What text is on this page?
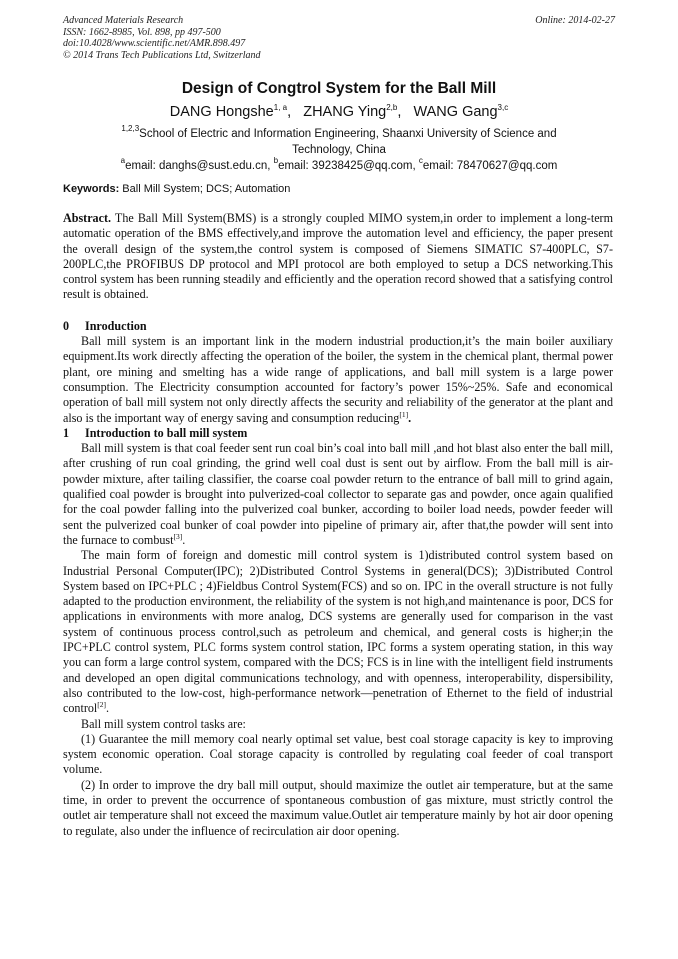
Advanced Materials Research
ISSN: 1662-8985, Vol. 898, pp 497-500
doi:10.4028/www.scientific.net/AMR.898.497
© 2014 Trans Tech Publications Ltd, Switzerland
Online: 2014-02-27
Design of Congtrol System for the Ball Mill
DANG Hongshe$^{1, a}$,   ZHANG Ying$^{2,b}$,   WANG Gang$^{3,c}$
$^{1,2,3}$School of Electric and Information Engineering, Shaanxi University of Science and
Technology, China
$^a$email: danghs@sust.edu.cn, $^b$email: 39238425@qq.com, $^c$email: 78470627@qq.com
Keywords: Ball Mill System; DCS; Automation

Abstract. The Ball Mill System(BMS) is a strongly coupled MIMO system,in order to implement a long-term automatic operation of the BMS effectively,and improve the automation level and efficiency, the paper present the overall design of the system,the control system is composed of Siemens SIMATIC S7-400PLC, S7-200PLC,the PROFIBUS DP protocol and MPI protocol are both employed to setup a DCS networking.This control system has been running steadily and efficiently and the operation record showed that a satisfying control result is obtained.

0 Inroduction

Ball mill system is an important link in the modern industrial production,it’s the main boiler auxiliary equipment.Its work directly affecting the operation of the boiler, the system in the chemical plant, thermal power plant, ore mining and smelting has a wide range of applications, and ball mill system is a large power consumption. The Electricity consumption accounted for factory’s power 15%~25%. Safe and economical operation of ball mill system not only directly affects the security and reliability of the generator at the plant and also is the important way of energy saving and consumption reducing[1].

1 Introduction to ball mill system

Ball mill system is that coal feeder sent run coal bin’s coal into ball mill ,and hot blast also enter the ball mill, after crushing of run coal grinding, the grind well coal dust is sent out by airflow. From the ball mill is air-powder mixture, after tailing classifier, the coarse coal powder return to the entrance of ball mill to grind again, qualified coal powder is brought into pulverized-coal collector to separate gas and powder, once again qualified for the coal powder falling into the pulverized coal bunker, according to boiler load needs, powder feeder will sent the pulverized coal bunker of coal powder into pipeline of primary air, after that,the powder will sent into the furnace to combust[3].

The main form of foreign and domestic mill control system is 1)distributed control system based on Industrial Personal Computer(IPC); 2)Distributed Control Systems in general(DCS); 3)Distributed Control System based on IPC+PLC ; 4)Fieldbus Control System(FCS) and so on. IPC in the overall structure is not fully adapted to the production environment, the reliability of the system is not high,and maintenance is poor, DCS for applications in environments with more analog, DCS systems are generally used for comparison in the vast system of continuous process control,such as petroleum and chemical, and general costs is higher;in the IPC+PLC control system, PLC forms system control station, IPC forms a system operating station, in this way you can form a large control system, compared with the DCS; FCS is in line with the intelligent field instruments and developed an open digital communications technology, and with openness, interoperability, dispersibility, also contributed to the low-cost, high-performance network—penetration of Ethernet to the field of industrial control[2].

Ball mill system control tasks are:

(1) Guarantee the mill memory coal nearly optimal set value, best coal storage capacity is key to improving system economic operation. Coal storage capacity is controlled by regulating coal feeder of coal transport volume.

(2) In order to improve the dry ball mill output, should maximize the outlet air temperature, but at the same time, in order to prevent the occurrence of spontaneous combustion of gas mixture, must strictly control the outlet air temperature shall not exceed the maximum value.Outlet air temperature mainly by hot air door opening to regulate, also under the influence of recirculation air door opening.
